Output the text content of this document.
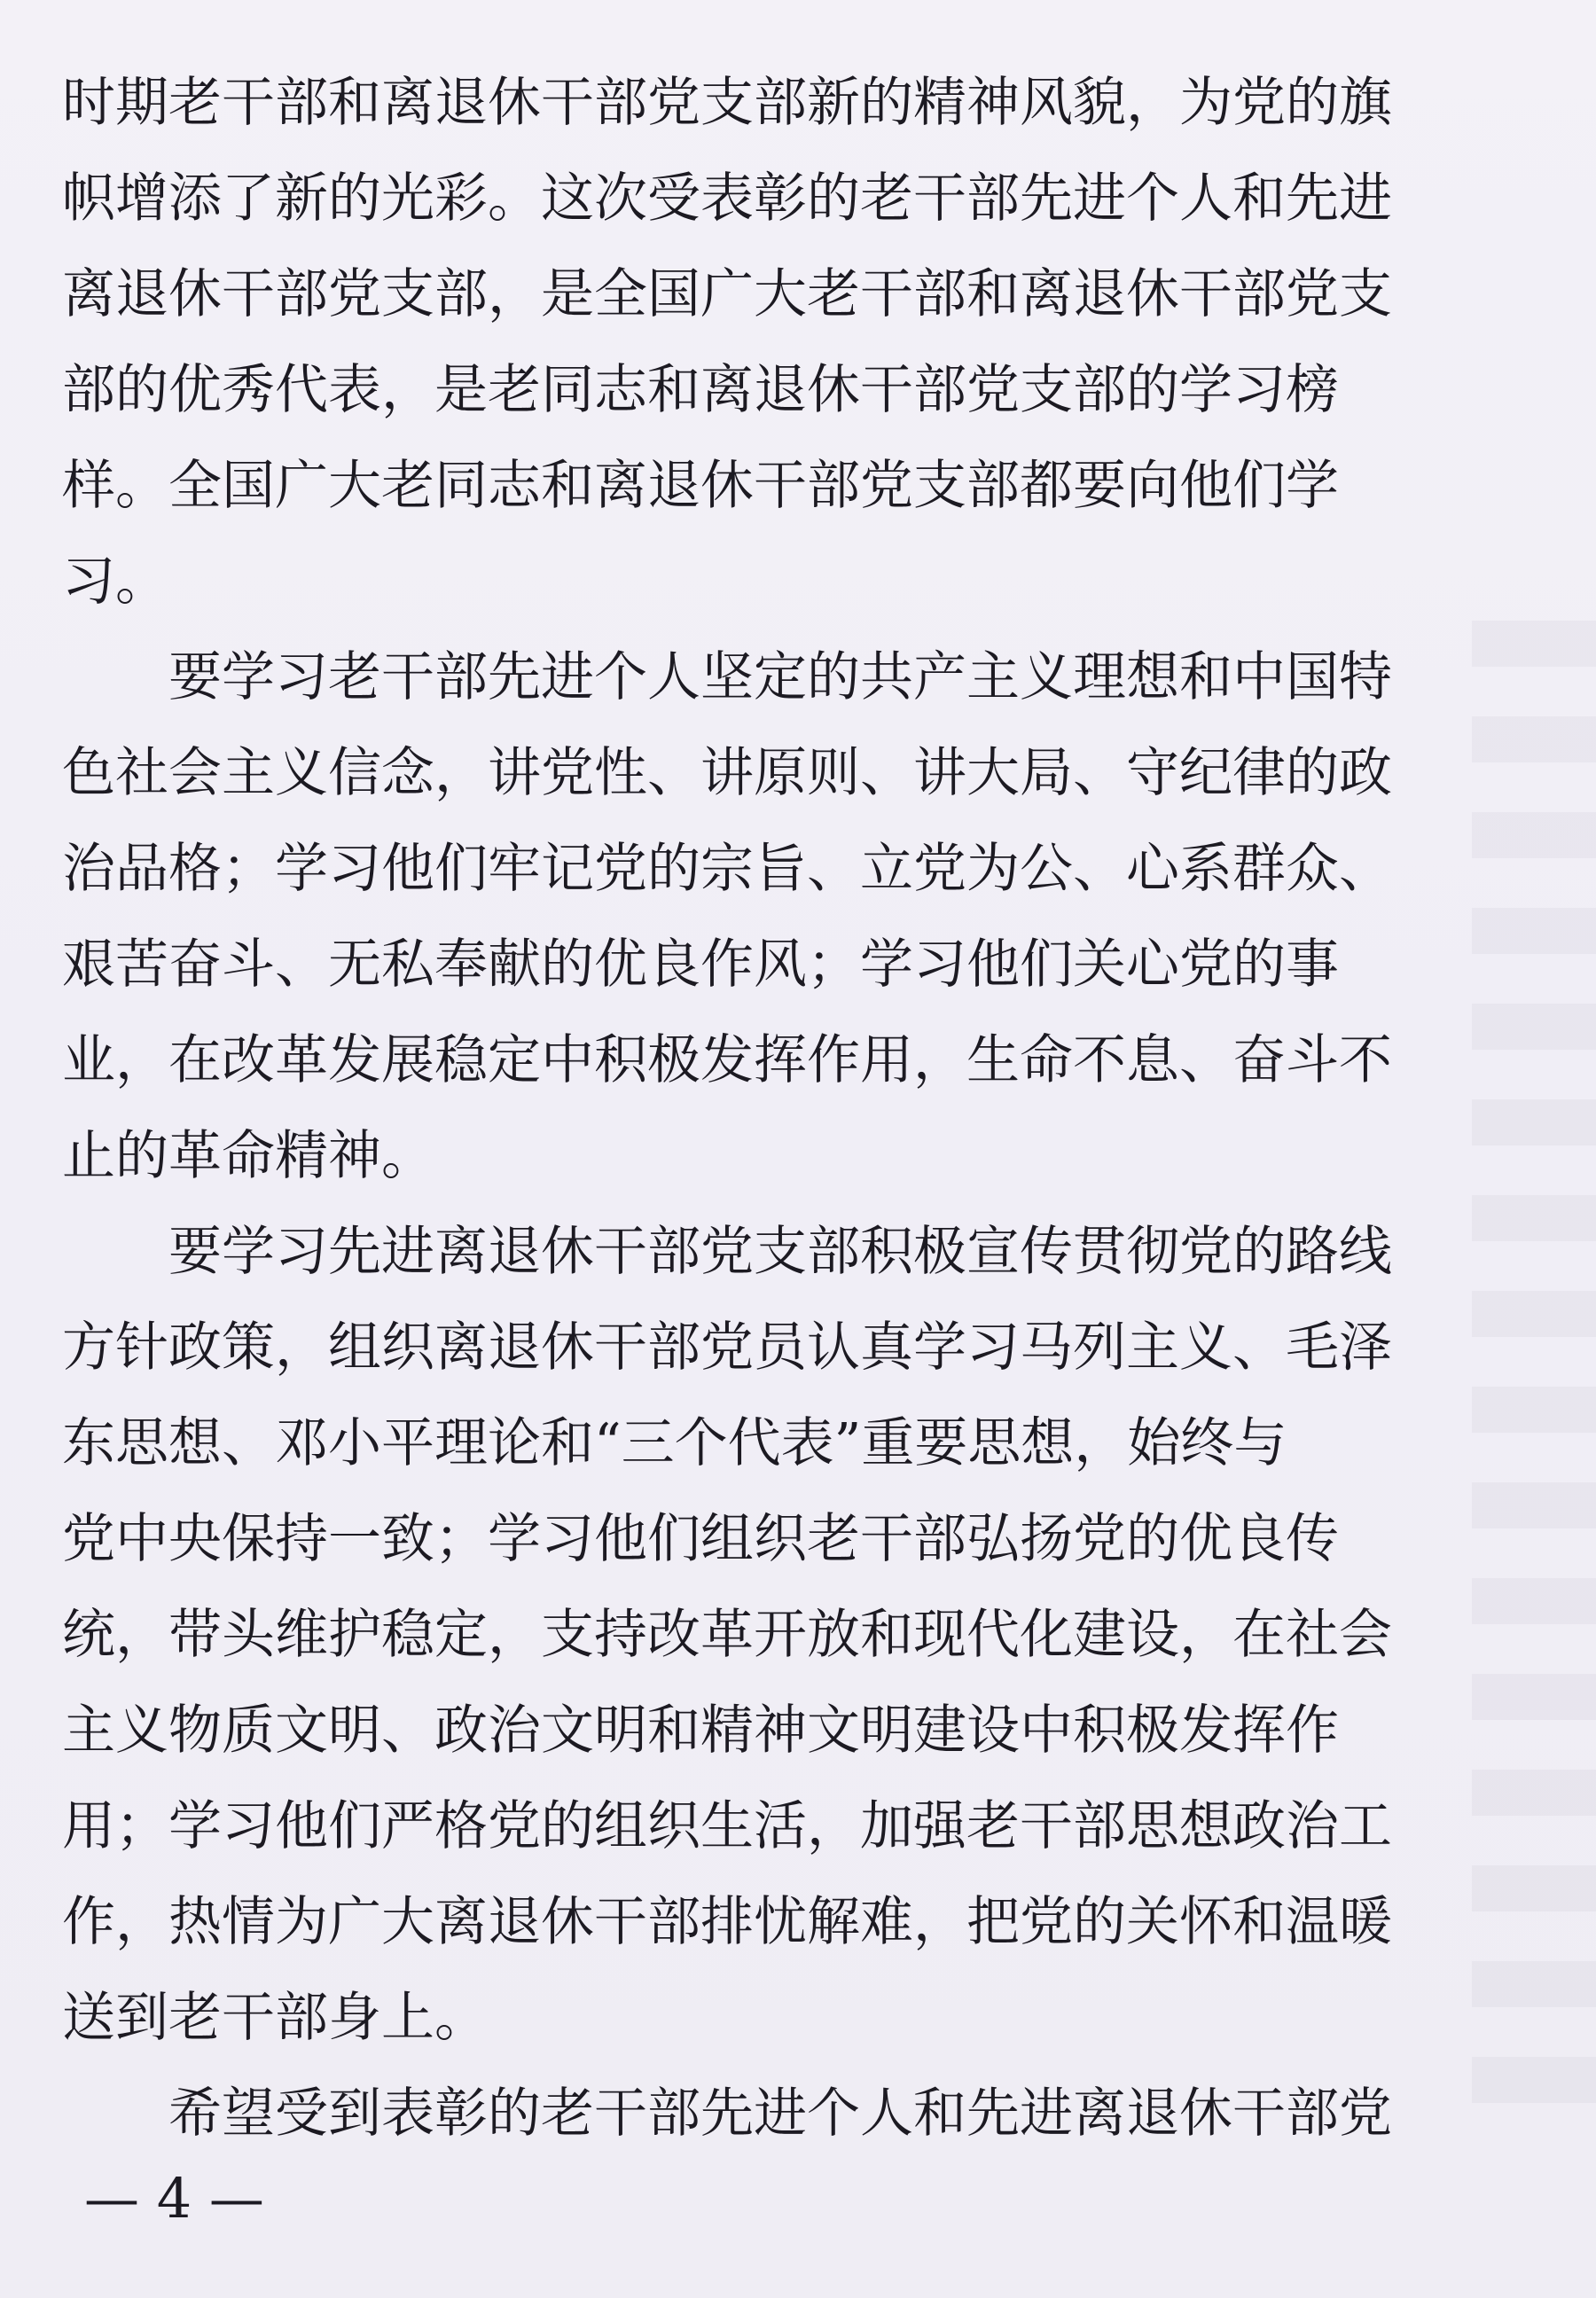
时期老干部和离退休干部党支部新的精神风貌，为党的旗
帜增添了新的光彩。这次受表彰的老干部先进个人和先进
离退休干部党支部，是全国广大老干部和离退休干部党支
部的优秀代表，是老同志和离退休干部党支部的学习榜
样。全国广大老同志和离退休干部党支部都要向他们学
习。
　　要学习老干部先进个人坚定的共产主义理想和中国特
色社会主义信念，讲党性、讲原则、讲大局、守纪律的政
治品格；学习他们牢记党的宗旨、立党为公、心系群众、
艰苦奋斗、无私奉献的优良作风；学习他们关心党的事
业，在改革发展稳定中积极发挥作用，生命不息、奋斗不
止的革命精神。
　　要学习先进离退休干部党支部积极宣传贯彻党的路线
方针政策，组织离退休干部党员认真学习马列主义、毛泽
东思想、邓小平理论和“三个代表”重要思想，始终与
党中央保持一致；学习他们组织老干部弘扬党的优良传
统，带头维护稳定，支持改革开放和现代化建设，在社会
主义物质文明、政治文明和精神文明建设中积极发挥作
用；学习他们严格党的组织生活，加强老干部思想政治工
作，热情为广大离退休干部排忧解难，把党的关怀和温暖
送到老干部身上。
　　希望受到表彰的老干部先进个人和先进离退休干部党
— 4 —
